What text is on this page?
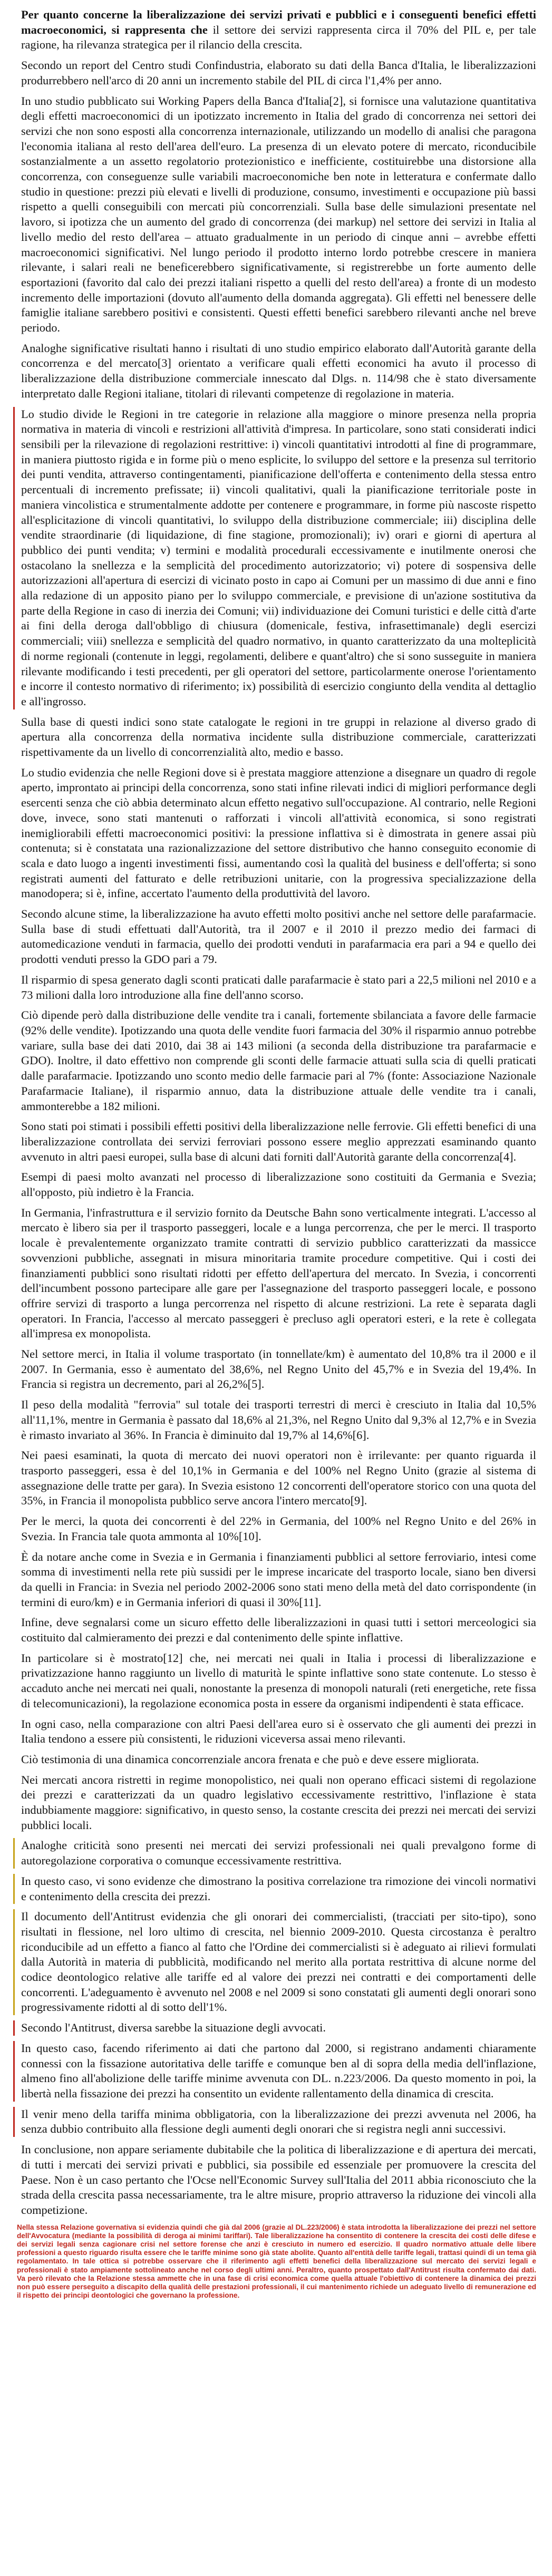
Per quanto concerne la liberalizzazione dei servizi privati e pubblici e i conseguenti benefici effetti macroeconomici, si rappresenta che il settore dei servizi rappresenta circa il 70% del PIL e, per tale ragione, ha rilevanza strategica per il rilancio della crescita.

Secondo un report del Centro studi Confindustria, elaborato su dati della Banca d'Italia, le liberalizzazioni produrrebbero nell'arco di 20 anni un incremento stabile del PIL di circa l'1,4% per anno.

In uno studio pubblicato sui Working Papers della Banca d'Italia[2], si fornisce una valutazione quantitativa degli effetti macroeconomici di un ipotizzato incremento in Italia del grado di concorrenza nei settori dei servizi che non sono esposti alla concorrenza internazionale, utilizzando un modello di analisi che paragona l'economia italiana al resto dell'area dell'euro. La presenza di un elevato potere di mercato, riconducibile sostanzialmente a un assetto regolatorio protezionistico e inefficiente, costituirebbe una distorsione alla concorrenza, con conseguenze sulle variabili macroeconomiche ben note in letteratura e confermate dallo studio in questione: prezzi più elevati e livelli di produzione, consumo, investimenti e occupazione più bassi rispetto a quelli conseguibili con mercati più concorrenziali. Sulla base delle simulazioni presentate nel lavoro, si ipotizza che un aumento del grado di concorrenza (dei markup) nel settore dei servizi in Italia al livello medio del resto dell'area – attuato gradualmente in un periodo di cinque anni – avrebbe effetti macroeconomici significativi. Nel lungo periodo il prodotto interno lordo potrebbe crescere in maniera rilevante, i salari reali ne beneficerebbero significativamente, si registrerebbe un forte aumento delle esportazioni (favorito dal calo dei prezzi italiani rispetto a quelli del resto dell'area) a fronte di un modesto incremento delle importazioni (dovuto all'aumento della domanda aggregata). Gli effetti nel benessere delle famiglie italiane sarebbero positivi e consistenti. Questi effetti benefici sarebbero rilevanti anche nel breve periodo.

Analoghe significative risultati hanno i risultati di uno studio empirico elaborato dall'Autorità garante della concorrenza e del mercato[3] orientato a verificare quali effetti economici ha avuto il processo di liberalizzazione della distribuzione commerciale innescato dal Dlgs. n. 114/98 che è stato diversamente interpretato dalle Regioni italiane, titolari di rilevanti competenze di regolazione in materia.

Lo studio divide le Regioni in tre categorie in relazione alla maggiore o minore presenza nella propria normativa in materia di vincoli e restrizioni all'attività d'impresa. In particolare, sono stati considerati indici sensibili per la rilevazione di regolazioni restrittive: i) vincoli quantitativi introdotti al fine di programmare, in maniera piuttosto rigida e in forme più o meno esplicite, lo sviluppo del settore e la presenza sul territorio dei punti vendita, attraverso contingentamenti, pianificazione dell'offerta e contenimento della stessa entro percentuali di incremento prefissate; ii) vincoli qualitativi, quali la pianificazione territoriale poste in maniera vincolistica e strumentalmente addotte per contenere e programmare, in forme più nascoste rispetto all'esplicitazione di vincoli quantitativi, lo sviluppo della distribuzione commerciale; iii) disciplina delle vendite straordinarie (di liquidazione, di fine stagione, promozionali); iv) orari e giorni di apertura al pubblico dei punti vendita; v) termini e modalità procedurali eccessivamente e inutilmente onerosi che ostacolano la snellezza e la semplicità del procedimento autorizzatorio; vi) potere di sospensiva delle autorizzazioni all'apertura di esercizi di vicinato posto in capo ai Comuni per un massimo di due anni e fino alla redazione di un apposito piano per lo sviluppo commerciale, e previsione di un'azione sostitutiva da parte della Regione in caso di inerzia dei Comuni; vii) individuazione dei Comuni turistici e delle città d'arte ai fini della deroga dall'obbligo di chiusura (domenicale, festiva, infrasettimanale) degli esercizi commerciali; viii) snellezza e semplicità del quadro normativo, in quanto caratterizzato da una molteplicità di norme regionali (contenute in leggi, regolamenti, delibere e quant'altro) che si sono susseguite in maniera rilevante modificando i testi precedenti, per gli operatori del settore, particolarmente onerose l'orientamento e incorre il contesto normativo di riferimento; ix) possibilità di esercizio congiunto della vendita al dettaglio e all'ingrosso.

Sulla base di questi indici sono state catalogate le regioni in tre gruppi in relazione al diverso grado di apertura alla concorrenza della normativa incidente sulla distribuzione commerciale, caratterizzati rispettivamente da un livello di concorrenzialità alto, medio e basso.

Lo studio evidenzia che nelle Regioni dove si è prestata maggiore attenzione a disegnare un quadro di regole aperto, improntato ai principi della concorrenza, sono stati infine rilevati indici di migliori performance degli esercenti senza che ciò abbia determinato alcun effetto negativo sull'occupazione. Al contrario, nelle Regioni dove, invece, sono stati mantenuti o rafforzati i vincoli all'attività economica, si sono registrati inemigliorabili effetti macroeconomici positivi: la pressione inflattiva si è dimostrata in genere assai più contenuta; si è constatata una razionalizzazione del settore distributivo che hanno conseguito economie di scala e dato luogo a ingenti investimenti fissi, aumentando così la qualità del business e dell'offerta; si sono registrati aumenti del fatturato e delle retribuzioni unitarie, con la progressiva specializzazione della manodopera; si è, infine, accertato l'aumento della produttività del lavoro.

Secondo alcune stime, la liberalizzazione ha avuto effetti molto positivi anche nel settore delle parafarmacie. Sulla base di studi effettuati dall'Autorità, tra il 2007 e il 2010 il prezzo medio dei farmaci di automedicazione venduti in farmacia, quello dei prodotti venduti in parafarmacia era pari a 94 e quello dei prodotti venduti presso la GDO pari a 79.

Il risparmio di spesa generato dagli sconti praticati dalle parafarmacie è stato pari a 22,5 milioni nel 2010 e a 73 milioni dalla loro introduzione alla fine dell'anno scorso.

Ciò dipende però dalla distribuzione delle vendite tra i canali, fortemente sbilanciata a favore delle farmacie (92% delle vendite). Ipotizzando una quota delle vendite fuori farmacia del 30% il risparmio annuo potrebbe variare, sulla base dei dati 2010, dai 38 ai 143 milioni (a seconda della distribuzione tra parafarmacie e GDO). Inoltre, il dato effettivo non comprende gli sconti delle farmacie attuati sulla scia di quelli praticati dalle parafarmacie. Ipotizzando uno sconto medio delle farmacie pari al 7% (fonte: Associazione Nazionale Parafarmacie Italiane), il risparmio annuo, data la distribuzione attuale delle vendite tra i canali, ammonterebbe a 182 milioni.

Sono stati poi stimati i possibili effetti positivi della liberalizzazione nelle ferrovie. Gli effetti benefici di una liberalizzazione controllata dei servizi ferroviari possono essere meglio apprezzati esaminando quanto avvenuto in altri paesi europei, sulla base di alcuni dati forniti dall'Autorità garante della concorrenza[4].

Esempi di paesi molto avanzati nel processo di liberalizzazione sono costituiti da Germania e Svezia; all'opposto, più indietro è la Francia.

In Germania, l'infrastruttura e il servizio fornito da Deutsche Bahn sono verticalmente integrati. L'accesso al mercato è libero sia per il trasporto passeggeri, locale e a lunga percorrenza, che per le merci. Il trasporto locale è prevalentemente organizzato tramite contratti di servizio pubblico caratterizzati da massicce sovvenzioni pubbliche, assegnati in misura minoritaria tramite procedure competitive. Qui i costi dei finanziamenti pubblici sono risultati ridotti per effetto dell'apertura del mercato. In Svezia, i concorrenti dell'incumbent possono partecipare alle gare per l'assegnazione del trasporto passeggeri locale, e possono offrire servizi di trasporto a lunga percorrenza nel rispetto di alcune restrizioni. La rete è separata dagli operatori. In Francia, l'accesso al mercato passeggeri è precluso agli operatori esteri, e la rete è collegata all'impresa ex monopolista.

Nel settore merci, in Italia il volume trasportato (in tonnellate/km) è aumentato del 10,8% tra il 2000 e il 2007. In Germania, esso è aumentato del 38,6%, nel Regno Unito del 45,7% e in Svezia del 19,4%. In Francia si registra un decremento, pari al 26,2%[5].

Il peso della modalità "ferrovia" sul totale dei trasporti terrestri di merci è cresciuto in Italia dal 10,5% all'11,1%, mentre in Germania è passato dal 18,6% al 21,3%, nel Regno Unito dal 9,3% al 12,7% e in Svezia è rimasto invariato al 36%. In Francia è diminuito dal 19,7% al 14,6%[6].

Nei paesi esaminati, la quota di mercato dei nuovi operatori non è irrilevante: per quanto riguarda il trasporto passeggeri, essa è del 10,1% in Germania e del 100% nel Regno Unito (grazie al sistema di assegnazione delle tratte per gara). In Svezia esistono 12 concorrenti dell'operatore storico con una quota del 35%, in Francia il monopolista pubblico serve ancora l'intero mercato[9].

Per le merci, la quota dei concorrenti è del 22% in Germania, del 100% nel Regno Unito e del 26% in Svezia. In Francia tale quota ammonta al 10%[10].

È da notare anche come in Svezia e in Germania i finanziamenti pubblici al settore ferroviario, intesi come somma di investimenti nella rete più sussidi per le imprese incaricate del trasporto locale, siano ben diversi da quelli in Francia: in Svezia nel periodo 2002-2006 sono stati meno della metà del dato corrispondente (in termini di euro/km) e in Germania inferiori di quasi il 30%[11].

Infine, deve segnalarsi come un sicuro effetto delle liberalizzazioni in quasi tutti i settori merceologici sia costituito dal calmieramento dei prezzi e dal contenimento delle spinte inflattive.

In particolare si è mostrato[12] che, nei mercati nei quali in Italia i processi di liberalizzazione e privatizzazione hanno raggiunto un livello di maturità le spinte inflattive sono state contenute. Lo stesso è accaduto anche nei mercati nei quali, nonostante la presenza di monopoli naturali (reti energetiche, rete fissa di telecomunicazioni), la regolazione economica posta in essere da organismi indipendenti è stata efficace.

In ogni caso, nella comparazione con altri Paesi dell'area euro si è osservato che gli aumenti dei prezzi in Italia tendono a essere più consistenti, le riduzioni viceversa assai meno rilevanti.

Ciò testimonia di una dinamica concorrenziale ancora frenata e che può e deve essere migliorata.

Nei mercati ancora ristretti in regime monopolistico, nei quali non operano efficaci sistemi di regolazione dei prezzi e caratterizzati da un quadro legislativo eccessivamente restrittivo, l'inflazione è stata indubbiamente maggiore: significativo, in questo senso, la costante crescita dei prezzi nei mercati dei servizi pubblici locali.

Analoghe criticità sono presenti nei mercati dei servizi professionali nei quali prevalgono forme di autoregolazione corporativa o comunque eccessivamente restrittiva.

In questo caso, vi sono evidenze che dimostrano la positiva correlazione tra rimozione dei vincoli normativi e contenimento della crescita dei prezzi.

Il documento dell'Antitrust evidenzia che gli onorari dei commercialisti, (tracciati per sito-tipo), sono risultati in flessione, nel loro ultimo di crescita, nel biennio 2009-2010. Questa circostanza è peraltro riconducibile ad un effetto a fianco al fatto che l'Ordine dei commercialisti si è adeguato ai rilievi formulati dalla Autorità in materia di pubblicità, modificando nel merito alla portata restrittiva di alcune norme del codice deontologico relative alle tariffe ed al valore dei prezzi nei contratti e dei comportamenti delle concorrenti. L'adeguamento è avvenuto nel 2008 e nel 2009 si sono constatati gli aumenti degli onorari sono progressivamente ridotti al di sotto dell'1%.

Secondo l'Antitrust, diversa sarebbe la situazione degli avvocati.

In questo caso, facendo riferimento ai dati che partono dal 2000, si registrano andamenti chiaramente connessi con la fissazione autoritativa delle tariffe e comunque ben al di sopra della media dell'inflazione, almeno fino all'abolizione delle tariffe minime avvenuta con DL. n.223/2006. Da questo momento in poi, la libertà nella fissazione dei prezzi ha consentito un evidente rallentamento della dinamica di crescita.

Il venir meno della tariffa minima obbligatoria, con la liberalizzazione dei prezzi avvenuta nel 2006, ha senza dubbio contribuito alla flessione degli aumenti degli onorari che si registra negli anni successivi.

In conclusione, non appare seriamente dubitabile che la politica di liberalizzazione e di apertura dei mercati, di tutti i mercati dei servizi privati e pubblici, sia possibile ed essenziale per promuovere la crescita del Paese. Non è un caso pertanto che l'Ocse nell'Economic Survey sull'Italia del 2011 abbia riconosciuto che la strada della crescita passa necessariamente, tra le altre misure, proprio attraverso la riduzione dei vincoli alla competizione.

Nella stessa Relazione governativa si evidenzia quindi che già dal 2006 (grazie al DL.223/2006) è stata introdotta la liberalizzazione dei prezzi nel settore dell'Avvocatura (mediante la possibilità di deroga ai minimi tariffari). Tale liberalizzazione ha consentito di contenere la crescita dei costi delle difese e dei servizi legali senza cagionare crisi nel settore forense che anzi è cresciuto in numero ed esercizio. Il quadro normativo attuale delle libere professioni a questo riguardo risulta essere che le tariffe minime sono già state abolite. Quanto all'entità delle tariffe legali, trattasi quindi di un tema già regolamentato. In tale ottica si potrebbe osservare che il riferimento agli effetti benefici della liberalizzazione sul mercato dei servizi legali e professionali è stato ampiamente sottolineato anche nel corso degli ultimi anni. Peraltro, quanto prospettato dall'Antitrust risulta confermato dai dati. Va però rilevato che la Relazione stessa ammette che in una fase di crisi economica come quella attuale l'obiettivo di contenere la dinamica dei prezzi non può essere perseguito a discapito della qualità delle prestazioni professionali, il cui mantenimento richiede un adeguato livello di remunerazione ed il rispetto dei principi deontologici che governano la professione.
